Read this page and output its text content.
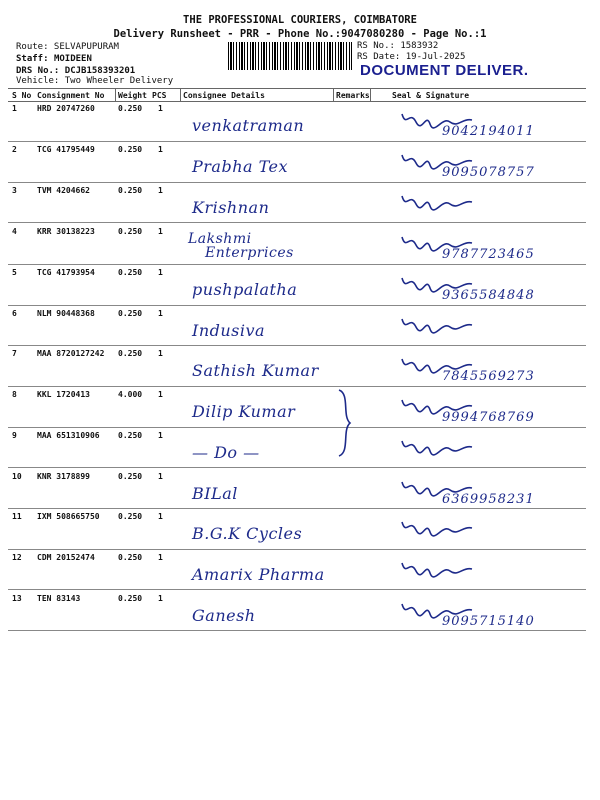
THE PROFESSIONAL COURIERS, COIMBATORE
Delivery Runsheet - PRR - Phone No.:9047080280 - Page No.:1
Route: SELVAPUPURAM
Staff: MOIDEEN
DRS No.: DCJB158393201
Vehicle: Two Wheeler Delivery
RS No.: 1583932
RS Date: 19-Jul-2025
DOCUMENT DELIVER.
S No Consignment No Weight PCS Consignee Details	Remarks	Seal & Signature
1	HRD 20747260	0.250 1
venkatraman	9042194011
2	TCG 41795449	0.250 1
Prabha Tex	9095078757
3	TVM 4204662	0.250 1
Krishnan
4	KRR 30138223	0.250 1 Lakshmi
Enterprices	9787723465
5	TCG 41793954	0.250 1
pushpalatha	9365584848
6	NLM 90448368	0.250 1
Indusiva
7	MAA 8720127242 0.250 1
Sathish Kumar	7845569273
8	KKL 1720413	4.000 1
Dilip Kumar	9994768769
9	MAA 651310906 0.250 1
— Do —
10 KNR 3178899	0.250 1
BILal	6369958231
11 IXM 508665750 0.250 1
B.G.K Cycles
12 CDM 20152474	0.250 1
Amarix Pharma
13 TEN 83143	0.250 1
Ganesh	9095715140
